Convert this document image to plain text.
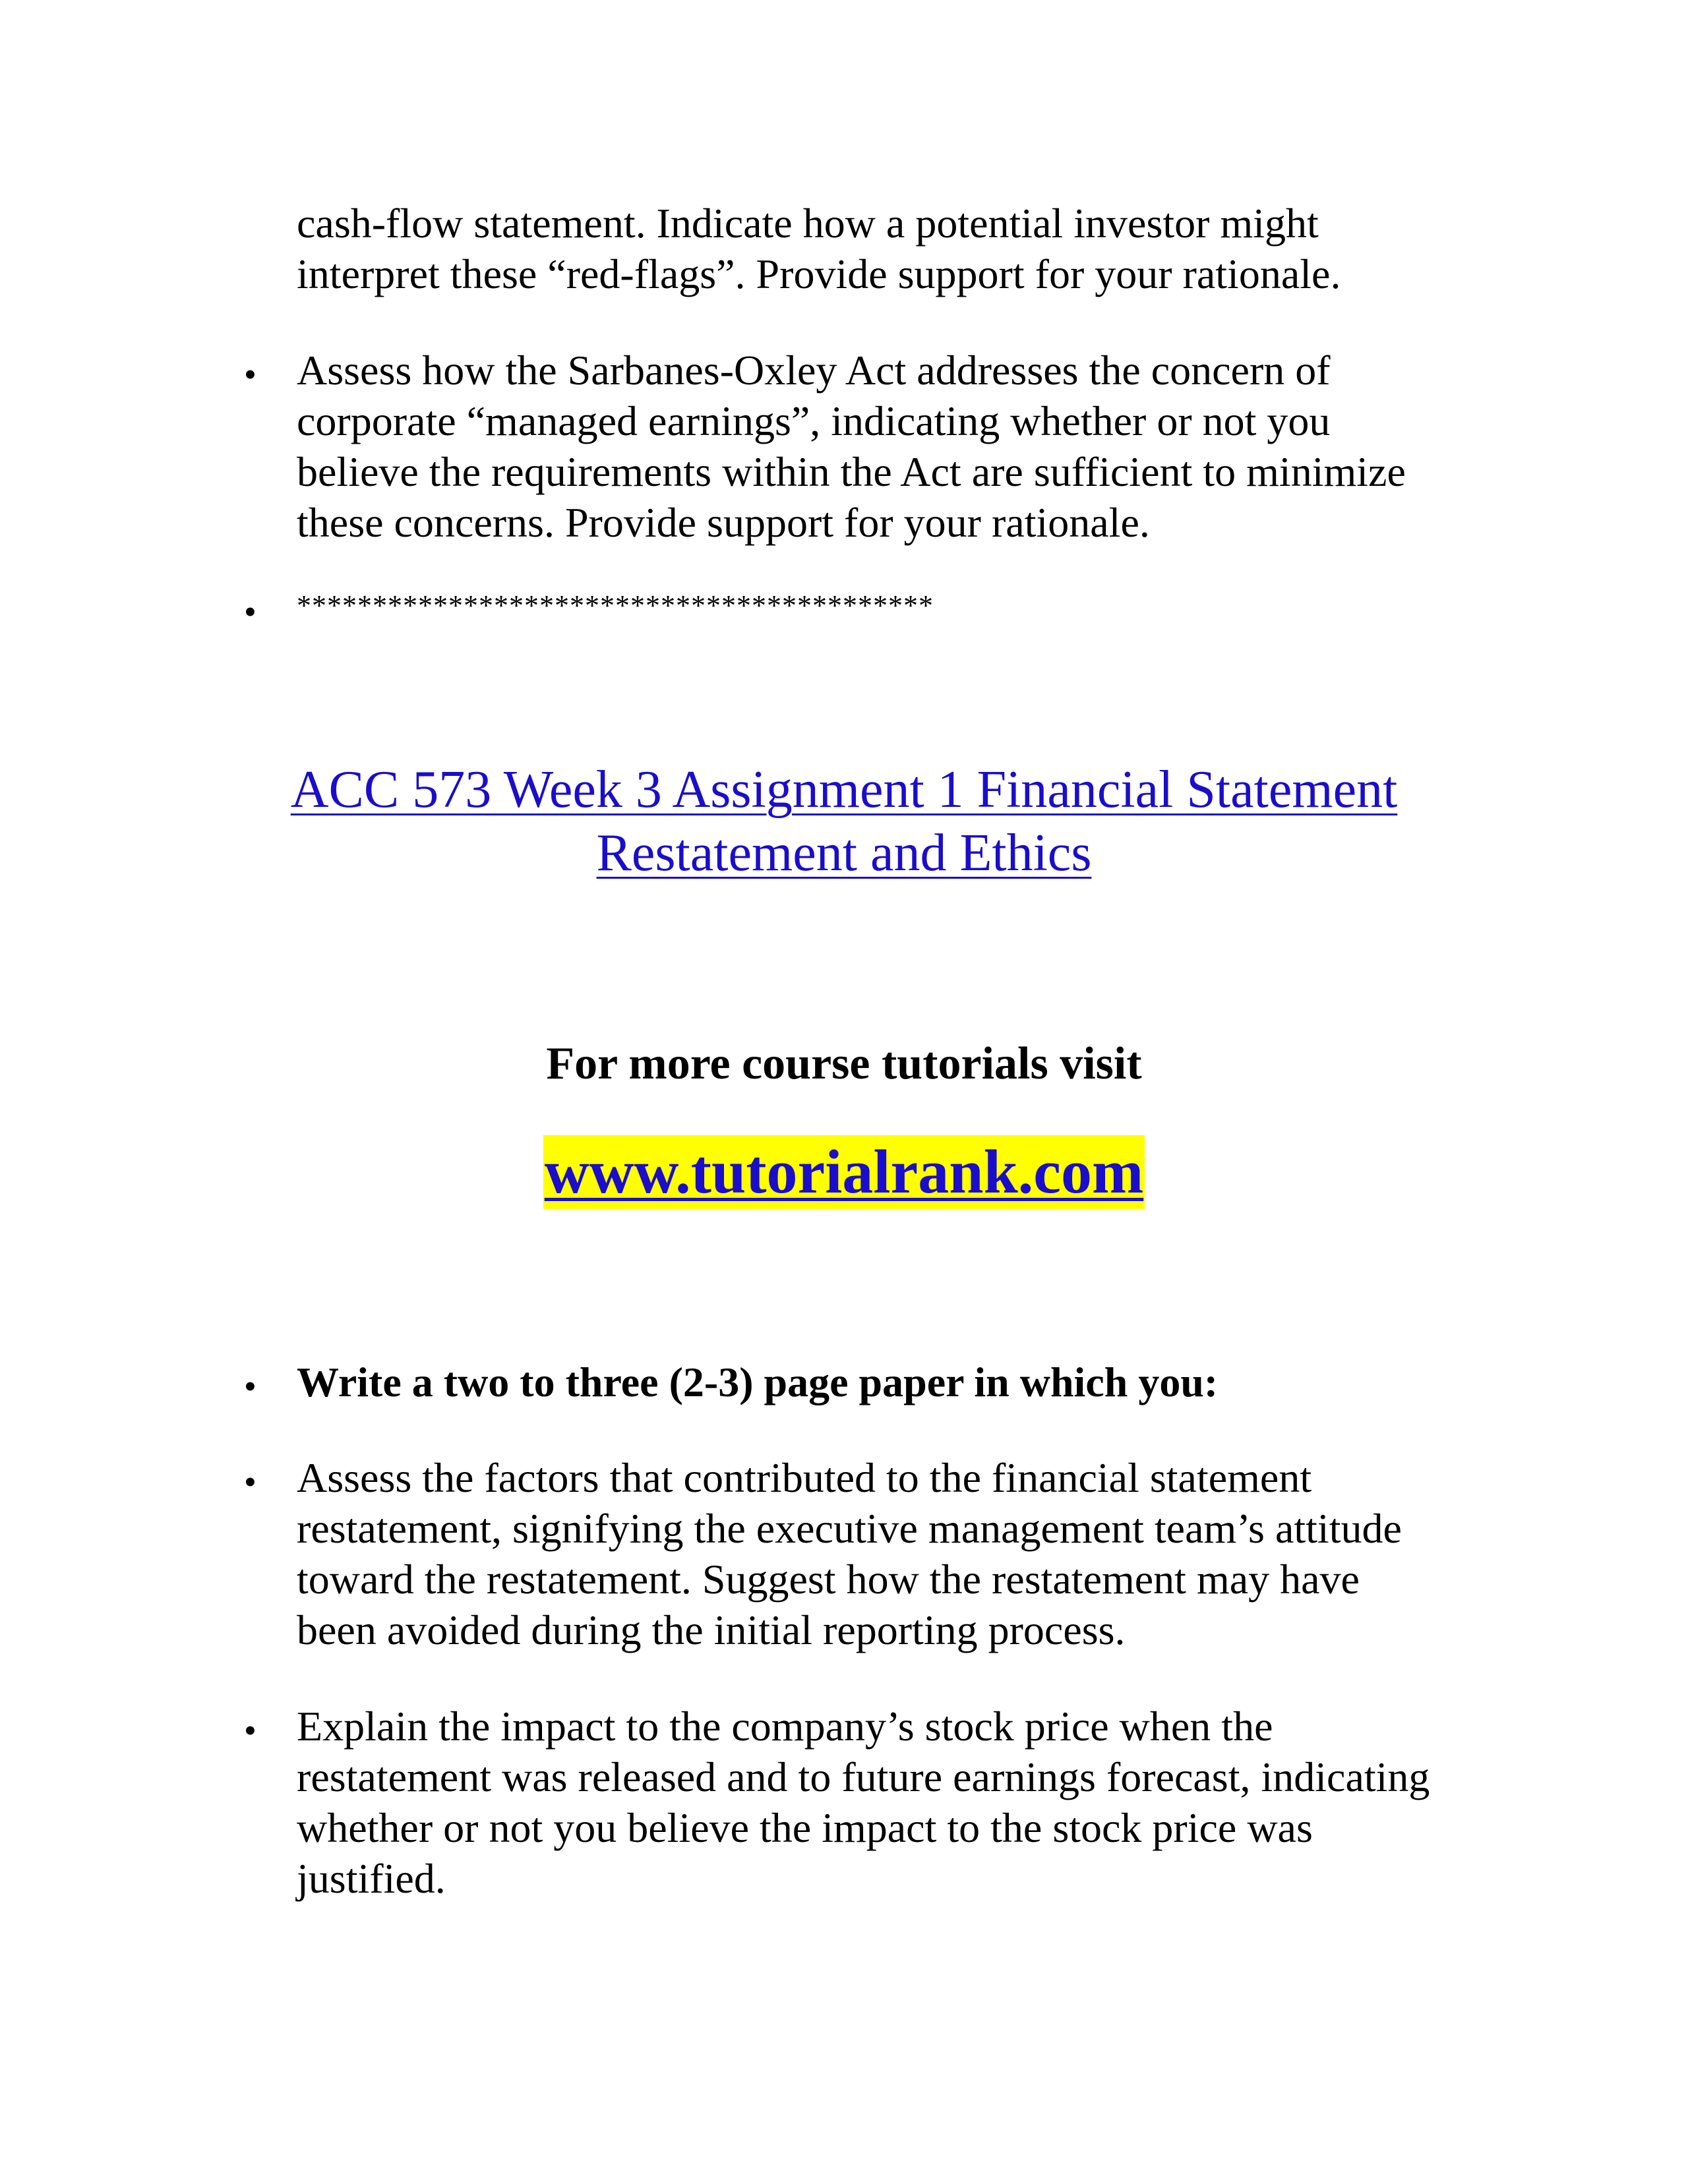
cash-flow statement. Indicate how a potential investor might
interpret these “red-flags”. Provide support for your rationale.

• Assess how the Sarbanes-Oxley Act addresses the concern of
corporate “managed earnings”, indicating whether or not you
believe the requirements within the Act are sufficient to minimize
these concerns. Provide support for your rationale.

•	******************************************

ACC 573 Week 3 Assignment 1 Financial Statement
Restatement and Ethics
For more course tutorials visit
www.tutorialrank.com
• Write a two to three (2-3) page paper in which you:

• Assess the factors that contributed to the financial statement
restatement, signifying the executive management team’s attitude
toward the restatement. Suggest how the restatement may have
been avoided during the initial reporting process.

• Explain the impact to the company’s stock price when the
restatement was released and to future earnings forecast, indicating
whether or not you believe the impact to the stock price was
justified.
